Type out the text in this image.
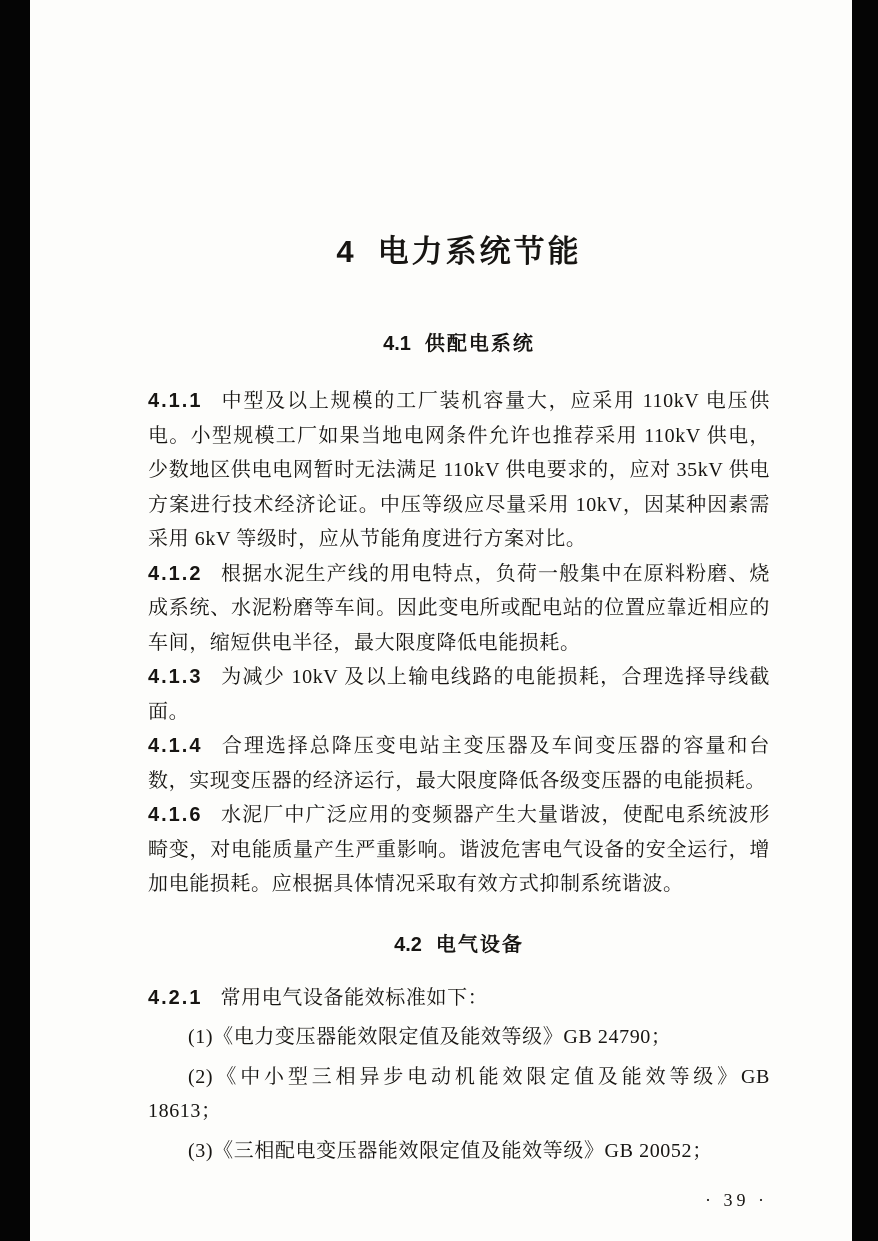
4 电力系统节能
4.1 供配电系统

4.1.1 中型及以上规模的工厂装机容量大，应采用 110kV 电压供电。小型规模工厂如果当地电网条件允许也推荐采用 110kV 供电，少数地区供电电网暂时无法满足 110kV 供电要求的，应对 35kV 供电方案进行技术经济论证。中压等级应尽量采用 10kV，因某种因素需采用 6kV 等级时，应从节能角度进行方案对比。

4.1.2 根据水泥生产线的用电特点，负荷一般集中在原料粉磨、烧成系统、水泥粉磨等车间。因此变电所或配电站的位置应靠近相应的车间，缩短供电半径，最大限度降低电能损耗。

4.1.3 为减少 10kV 及以上输电线路的电能损耗，合理选择导线截面。

4.1.4 合理选择总降压变电站主变压器及车间变压器的容量和台数，实现变压器的经济运行，最大限度降低各级变压器的电能损耗。

4.1.6 水泥厂中广泛应用的变频器产生大量谐波，使配电系统波形畸变，对电能质量产生严重影响。谐波危害电气设备的安全运行，增加电能损耗。应根据具体情况采取有效方式抑制系统谐波。

4.2 电气设备

4.2.1 常用电气设备能效标准如下：

(1)《电力变压器能效限定值及能效等级》GB 24790；

(2)《中小型三相异步电动机能效限定值及能效等级》GB 18613；

(3)《三相配电变压器能效限定值及能效等级》GB 20052；

· 39 ·
